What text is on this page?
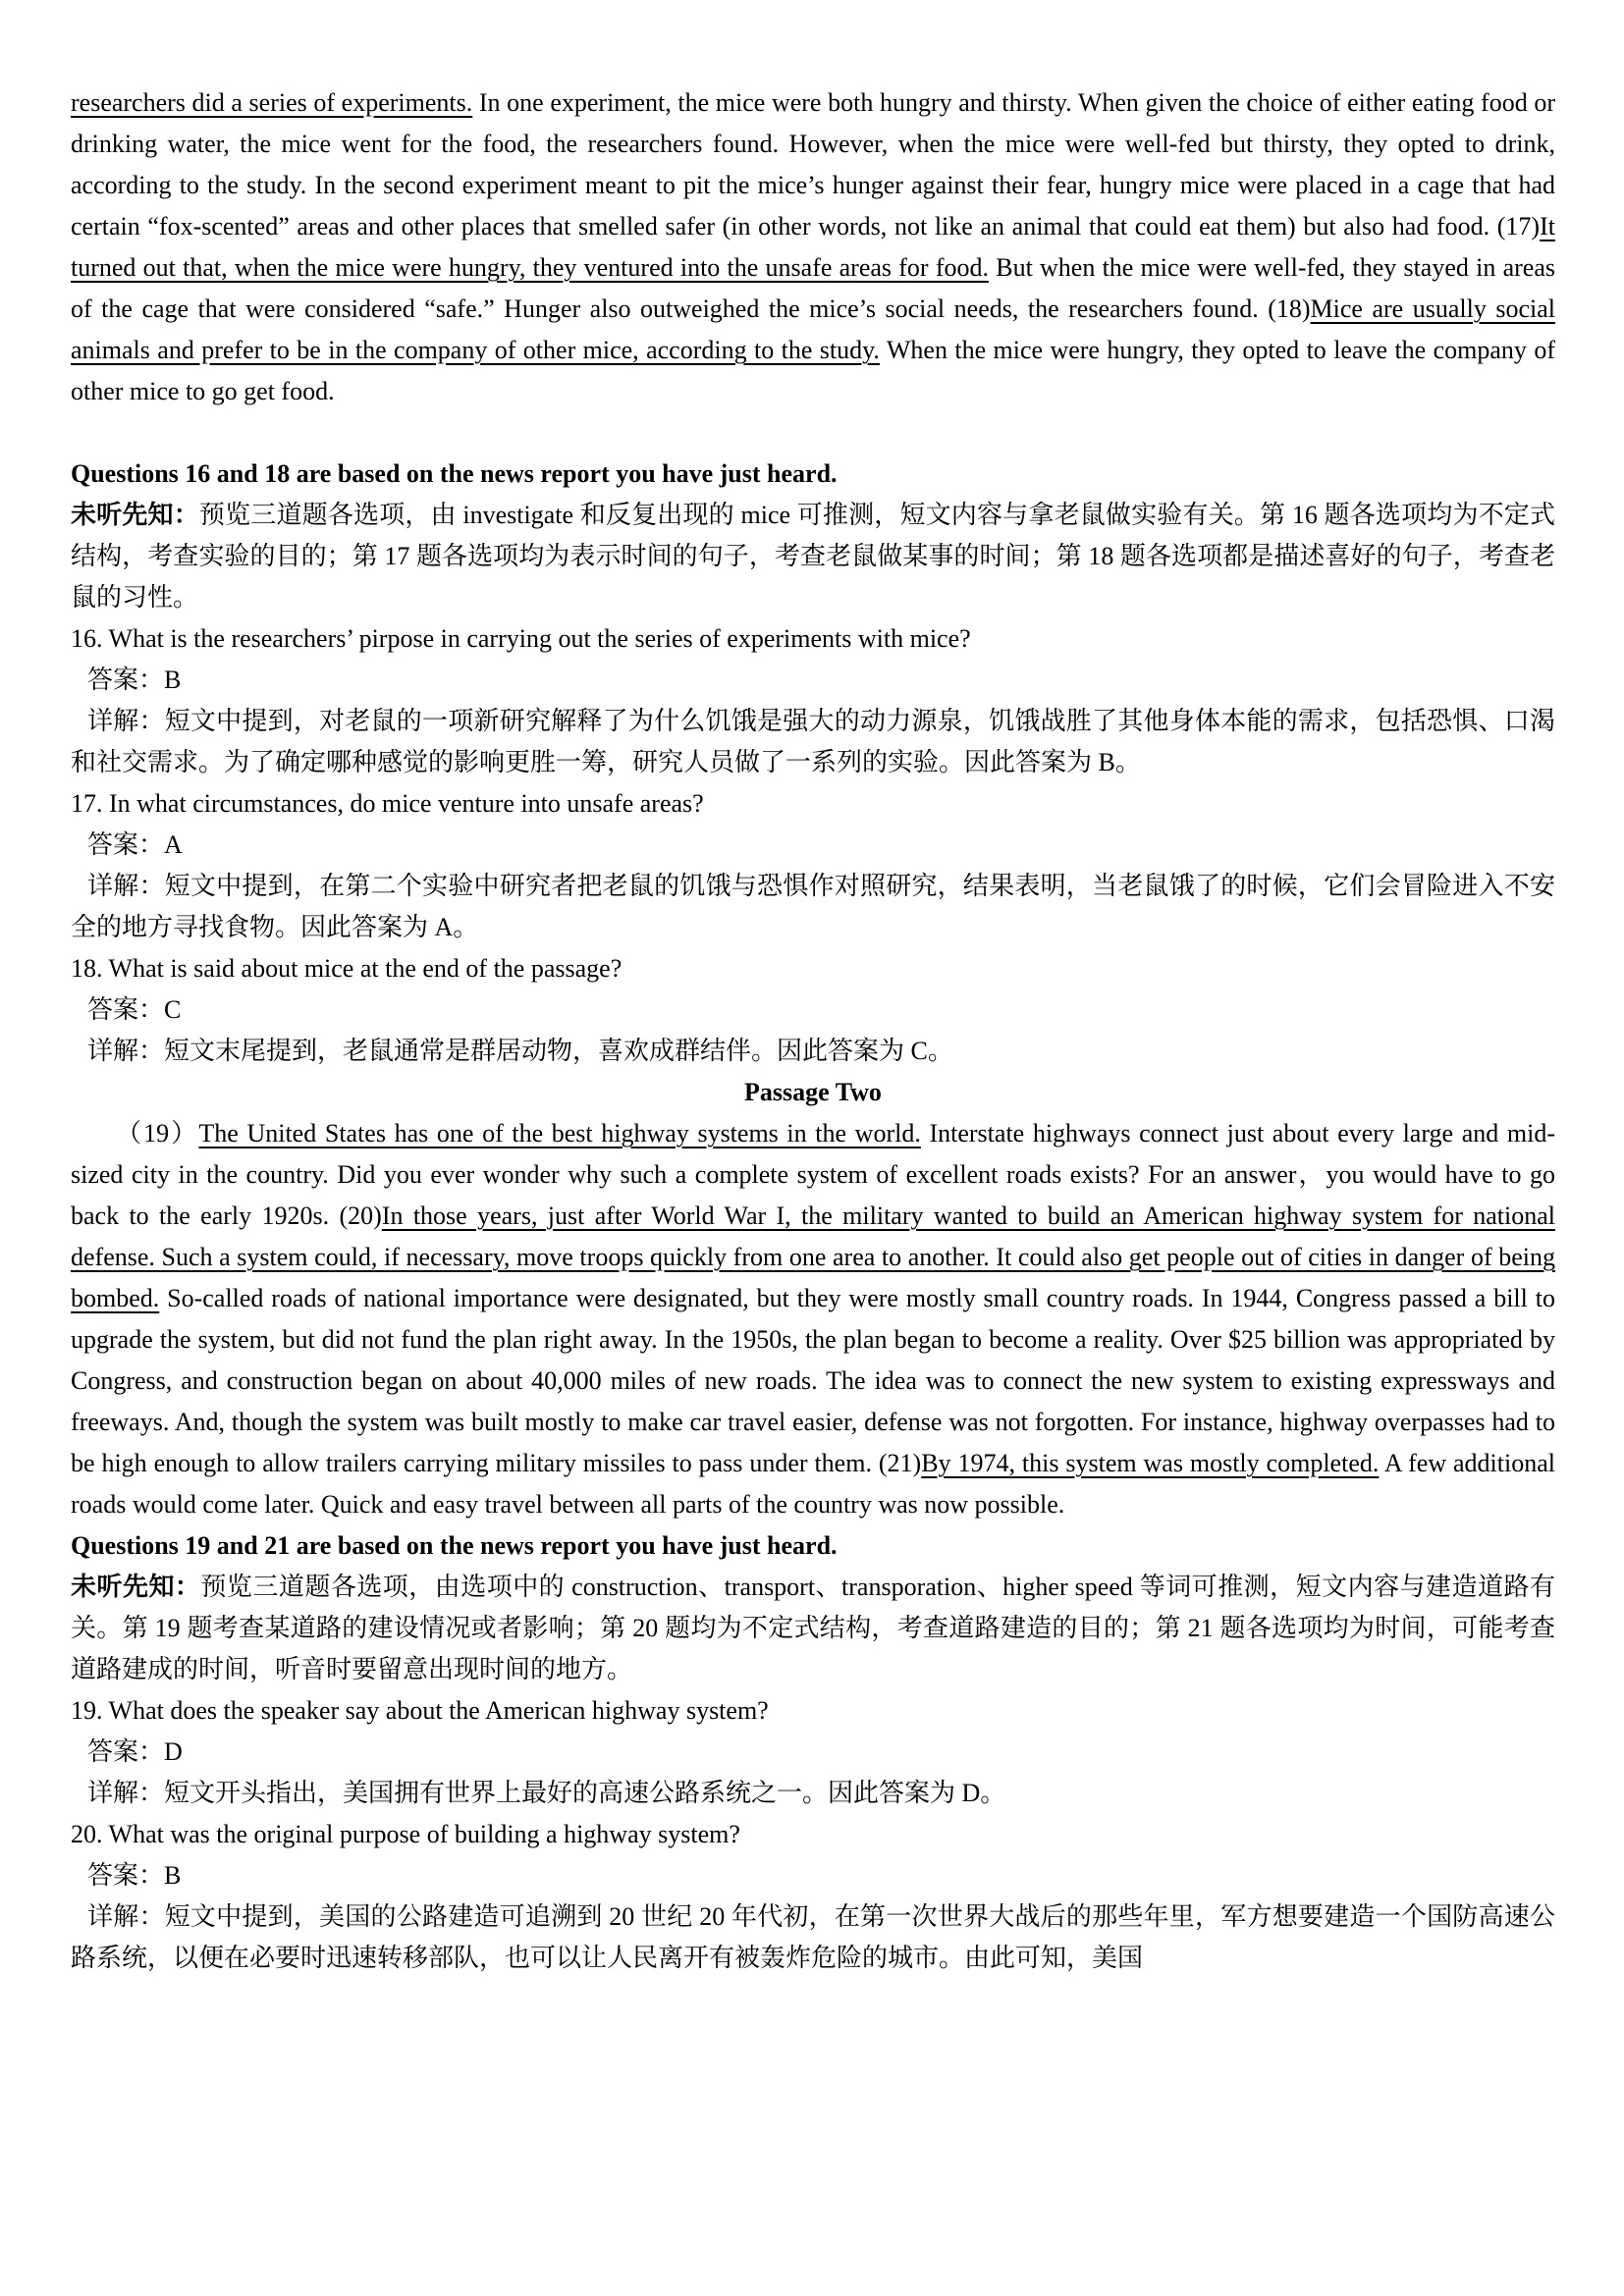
researchers did a series of experiments. In one experiment, the mice were both hungry and thirsty. When given the choice of either eating food or drinking water, the mice went for the food, the researchers found. However, when the mice were well-fed but thirsty, they opted to drink, according to the study. In the second experiment meant to pit the mice’s hunger against their fear, hungry mice were placed in a cage that had certain “fox-scented” areas and other places that smelled safer (in other words, not like an animal that could eat them) but also had food. (17)It turned out that, when the mice were hungry, they ventured into the unsafe areas for food. But when the mice were well-fed, they stayed in areas of the cage that were considered “safe.” Hunger also outweighed the mice’s social needs, the researchers found. (18)Mice are usually social animals and prefer to be in the company of other mice, according to the study. When the mice were hungry, they opted to leave the company of other mice to go get food.

Questions 16 and 18 are based on the news report you have just heard.

未听先知：预览三道题各选项，由 investigate 和反复出现的 mice 可推测，短文内容与拿老鼠做实验有关。第 16 题各选项均为不定式结构，考查实验的目的；第 17 题各选项均为表示时间的句子，考查老鼠做某事的时间；第 18 题各选项都是描述喜好的句子，考查老鼠的习性。

16. What is the researchers’ pirpose in carrying out the series of experiments with mice?

答案：B

详解：短文中提到，对老鼠的一项新研究解释了为什么饥饿是强大的动力源泉，饥饿战胜了其他身体本能的需求，包括恐惧、口渴和社交需求。为了确定哪种感觉的影响更胜一筹，研究人员做了一系列的实验。因此答案为 B。

17. In what circumstances, do mice venture into unsafe areas?

答案：A

详解：短文中提到，在第二个实验中研究者把老鼠的饥饿与恐惧作对照研究，结果表明，当老鼠饿了的时候，它们会冒险进入不安全的地方寻找食物。因此答案为 A。

18. What is said about mice at the end of the passage?

答案：C

详解：短文末尾提到，老鼠通常是群居动物，喜欢成群结伴。因此答案为 C。

Passage Two

（19）The United States has one of the best highway systems in the world. Interstate highways connect just about every large and mid-sized city in the country. Did you ever wonder why such a complete system of excellent roads exists? For an answer，you would have to go back to the early 1920s. (20)In those years, just after World War I, the military wanted to build an American highway system for national defense. Such a system could, if necessary, move troops quickly from one area to another. It could also get people out of cities in danger of being bombed. So-called roads of national importance were designated, but they were mostly small country roads. In 1944, Congress passed a bill to upgrade the system, but did not fund the plan right away. In the 1950s, the plan began to become a reality. Over $25 billion was appropriated by Congress, and construction began on about 40,000 miles of new roads. The idea was to connect the new system to existing expressways and freeways. And, though the system was built mostly to make car travel easier, defense was not forgotten. For instance, highway overpasses had to be high enough to allow trailers carrying military missiles to pass under them. (21)By 1974, this system was mostly completed. A few additional roads would come later. Quick and easy travel between all parts of the country was now possible.

Questions 19 and 21 are based on the news report you have just heard.

未听先知：预览三道题各选项，由选项中的 construction、transport、transporation、higher speed 等词可推测，短文内容与建造道路有关。第 19 题考查某道路的建设情况或者影响；第 20 题均为不定式结构，考查道路建造的目的；第 21 题各选项均为时间，可能考查道路建成的时间，听音时要留意出现时间的地方。

19. What does the speaker say about the American highway system?

答案：D

详解：短文开头指出，美国拥有世界上最好的高速公路系统之一。因此答案为 D。

20. What was the original purpose of building a highway system?

答案：B

详解：短文中提到，美国的公路建造可追溯到 20 世纪 20 年代初，在第一次世界大战后的那些年里，军方想要建造一个国防高速公路系统，以便在必要时迅速转移部队，也可以让人民离开有被轰炸危险的城市。由此可知，美国
